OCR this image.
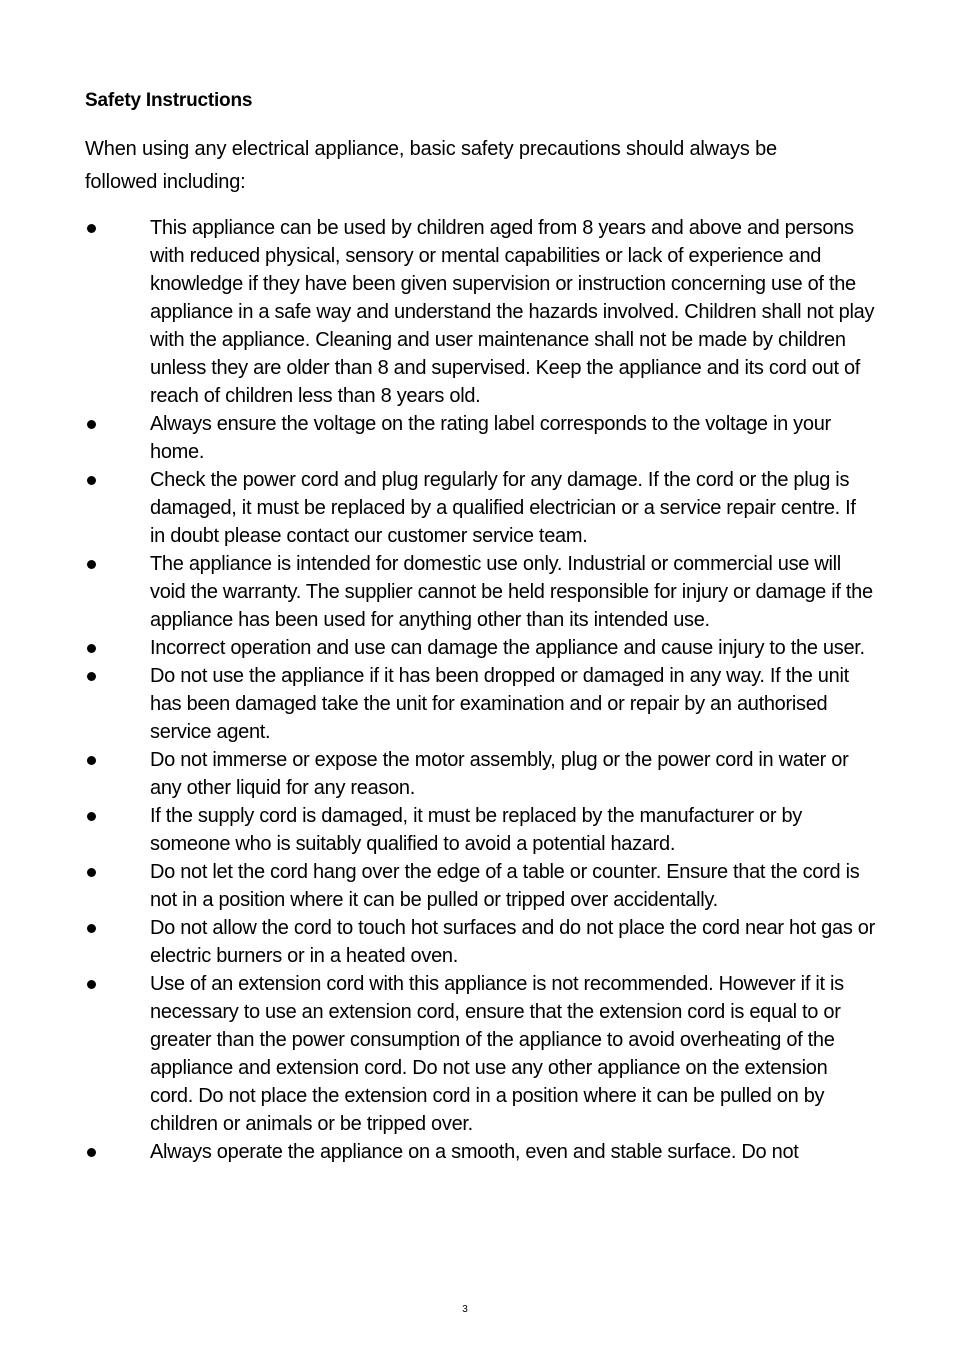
Safety Instructions
When using any electrical appliance, basic safety precautions should always be followed including:
This appliance can be used by children aged from 8 years and above and persons with reduced physical, sensory or mental capabilities or lack of experience and knowledge if they have been given supervision or instruction concerning use of the appliance in a safe way and understand the hazards involved. Children shall not play with the appliance. Cleaning and user maintenance shall not be made by children unless they are older than 8 and supervised. Keep the appliance and its cord out of reach of children less than 8 years old.
Always ensure the voltage on the rating label corresponds to the voltage in your home.
Check the power cord and plug regularly for any damage. If the cord or the plug is damaged, it must be replaced by a qualified electrician or a service repair centre. If in doubt please contact our customer service team.
The appliance is intended for domestic use only. Industrial or commercial use will void the warranty. The supplier cannot be held responsible for injury or damage if the appliance has been used for anything other than its intended use.
Incorrect operation and use can damage the appliance and cause injury to the user.
Do not use the appliance if it has been dropped or damaged in any way. If the unit has been damaged take the unit for examination and or repair by an authorised service agent.
Do not immerse or expose the motor assembly, plug or the power cord in water or any other liquid for any reason.
If the supply cord is damaged, it must be replaced by the manufacturer or by someone who is suitably qualified to avoid a potential hazard.
Do not let the cord hang over the edge of a table or counter. Ensure that the cord is not in a position where it can be pulled or tripped over accidentally.
Do not allow the cord to touch hot surfaces and do not place the cord near hot gas or electric burners or in a heated oven.
Use of an extension cord with this appliance is not recommended. However if it is necessary to use an extension cord, ensure that the extension cord is equal to or greater than the power consumption of the appliance to avoid overheating of the appliance and extension cord. Do not use any other appliance on the extension cord. Do not place the extension cord in a position where it can be pulled on by children or animals or be tripped over.
Always operate the appliance on a smooth, even and stable surface. Do not
3
